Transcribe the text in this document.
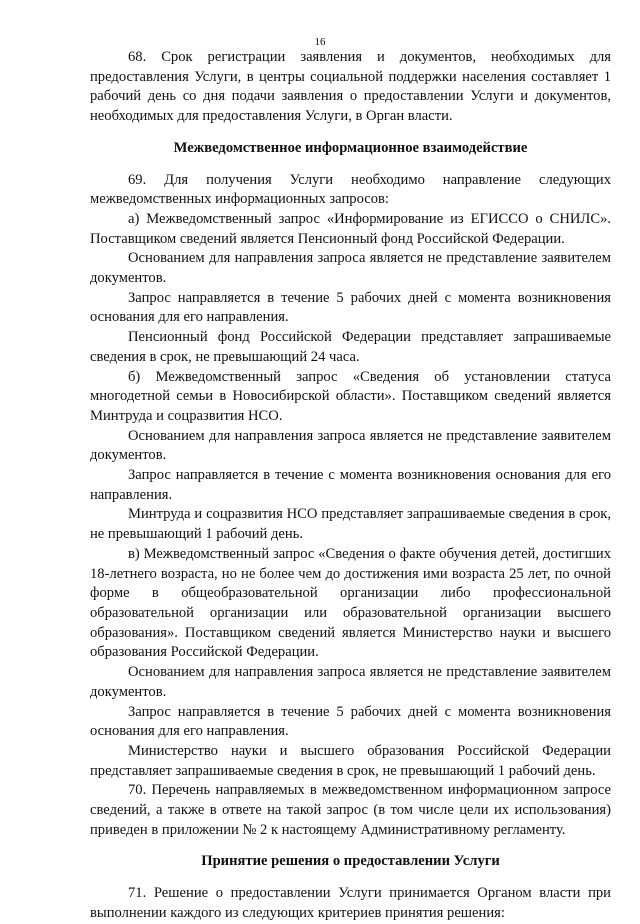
16

68. Срок регистрации заявления и документов, необходимых для предоставления Услуги, в центры социальной поддержки населения составляет 1 рабочий день со дня подачи заявления о предоставлении Услуги и документов, необходимых для предоставления Услуги, в Орган власти.

Межведомственное информационное взаимодействие

69. Для получения Услуги необходимо направление следующих межведомственных информационных запросов:

а) Межведомственный запрос «Информирование из ЕГИССО о СНИЛС». Поставщиком сведений является Пенсионный фонд Российской Федерации.

Основанием для направления запроса является не представление заявителем документов.

Запрос направляется в течение 5 рабочих дней с момента возникновения основания для его направления.

Пенсионный фонд Российской Федерации представляет запрашиваемые сведения в срок, не превышающий 24 часа.

б) Межведомственный запрос «Сведения об установлении статуса многодетной семьи в Новосибирской области». Поставщиком сведений является Минтруда и соцразвития НСО.

Основанием для направления запроса является не представление заявителем документов.

Запрос направляется в течение с момента возникновения основания для его направления.

Минтруда и соцразвития НСО представляет запрашиваемые сведения в срок, не превышающий 1 рабочий день.

в) Межведомственный запрос «Сведения о факте обучения детей, достигших 18-летнего возраста, но не более чем до достижения ими возраста 25 лет, по очной форме в общеобразовательной организации либо профессиональной образовательной организации или образовательной организации высшего образования». Поставщиком сведений является Министерство науки и высшего образования Российской Федерации.

Основанием для направления запроса является не представление заявителем документов.

Запрос направляется в течение 5 рабочих дней с момента возникновения основания для его направления.

Министерство науки и высшего образования Российской Федерации представляет запрашиваемые сведения в срок, не превышающий 1 рабочий день.

70. Перечень направляемых в межведомственном информационном запросе сведений, а также в ответе на такой запрос (в том числе цели их использования) приведен в приложении № 2 к настоящему Административному регламенту.

Принятие решения о предоставлении Услуги

71. Решение о предоставлении Услуги принимается Органом власти при выполнении каждого из следующих критериев принятия решения:
